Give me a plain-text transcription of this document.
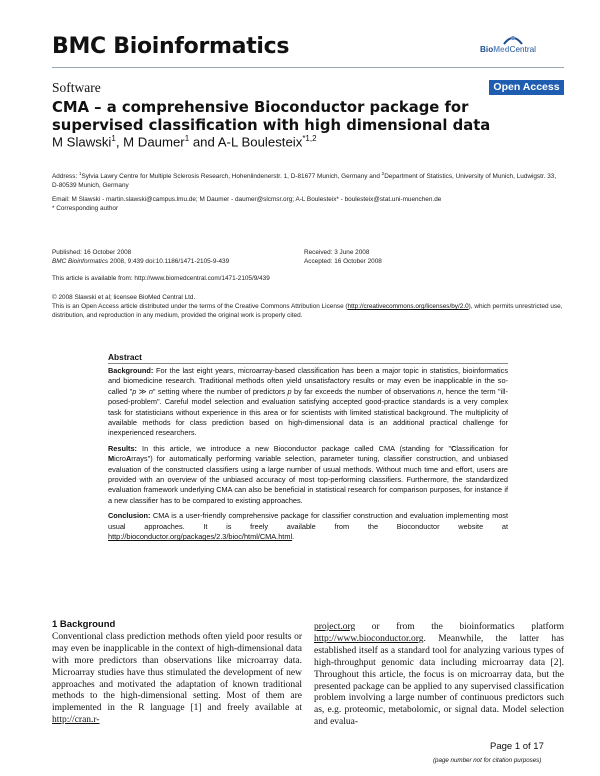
BMC Bioinformatics	BioMedCentral
Software	Open Access
CMA – a comprehensive Bioconductor package for supervised classification with high dimensional data
M Slawski$^1$, M Daumer$^1$ and A-L Boulesteix$^{*1,2}$
Address: $^1$Sylvia Lawry Centre for Multiple Sclerosis Research, Hohenlindenerstr. 1, D-81677 Munich, Germany and $^2$Department of Statistics, University of Munich, Ludwigstr. 33, D-80539 Munich, Germany
Email: M Slawski - martin.slawski@campus.lmu.de; M Daumer - daumer@slcmsr.org; A-L Boulesteix* - boulesteix@stat.uni-muenchen.de
* Corresponding author
Published: 16 October 2008
BMC Bioinformatics 2008, 9:439 doi:10.1186/1471-2105-9-439
Received: 3 June 2008
Accepted: 16 October 2008
This article is available from: http://www.biomedcentral.com/1471-2105/9/439
© 2008 Slawski et al; licensee BioMed Central Ltd.
This is an Open Access article distributed under the terms of the Creative Commons Attribution License (http://creativecommons.org/licenses/by/2.0), which permits unrestricted use, distribution, and reproduction in any medium, provided the original work is properly cited.
Abstract

Background: For the last eight years, microarray-based classification has been a major topic in statistics, bioinformatics and biomedicine research. Traditional methods often yield unsatisfactory results or may even be inapplicable in the so-called "p ≫ n" setting where the number of predictors p by far exceeds the number of observations n, hence the term "ill-posed-problem". Careful model selection and evaluation satisfying accepted good-practice standards is a very complex task for statisticians without experience in this area or for scientists with limited statistical background. The multiplicity of available methods for class prediction based on high-dimensional data is an additional practical challenge for inexperienced researchers.

Results: In this article, we introduce a new Bioconductor package called CMA (standing for "Classification for MicroArrays") for automatically performing variable selection, parameter tuning, classifier construction, and unbiased evaluation of the constructed classifiers using a large number of usual methods. Without much time and effort, users are provided with an overview of the unbiased accuracy of most top-performing classifiers. Furthermore, the standardized evaluation framework underlying CMA can also be beneficial in statistical research for comparison purposes, for instance if a new classifier has to be compared to existing approaches.

Conclusion: CMA is a user-friendly comprehensive package for classifier construction and evaluation implementing most usual approaches. It is freely available from the Bioconductor website at http://bioconductor.org/packages/2.3/bioc/html/CMA.html.

1 Background
Conventional class prediction methods often yield poor results or may even be inapplicable in the context of high-dimensional data with more predictors than observations like microarray data. Microarray studies have thus stimulated the development of new approaches and motivated the adaptation of known traditional methods to the high-dimensional setting. Most of them are implemented in the R language [1] and freely available at http://cran.r-
project.org or from the bioinformatics platform http://www.bioconductor.org. Meanwhile, the latter has established itself as a standard tool for analyzing various types of high-throughput genomic data including microarray data [2]. Throughout this article, the focus is on microarray data, but the presented package can be applied to any supervised classification problem involving a large number of continuous predictors such as, e.g. proteomic, metabolomic, or signal data. Model selection and evalua-
Page 1 of 17
(page number not for citation purposes)
